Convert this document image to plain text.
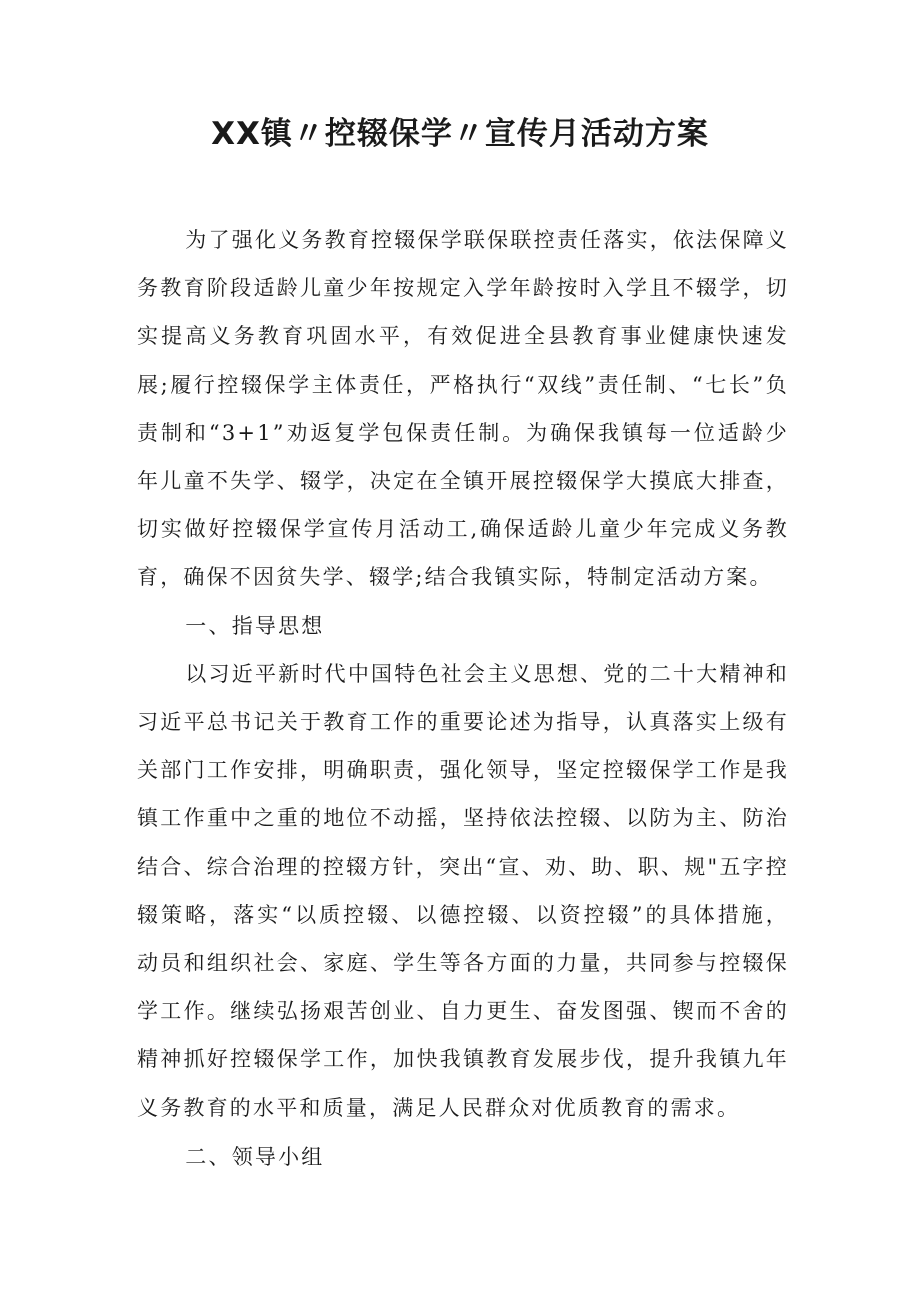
XX镇〃控辍保学〃宣传月活动方案

为了强化义务教育控辍保学联保联控责任落实，依法保障义务教育阶段适龄儿童少年按规定入学年龄按时入学且不辍学，切实提高义务教育巩固水平，有效促进全县教育事业健康快速发展;履行控辍保学主体责任，严格执行“双线”责任制、“七长”负责制和“3+1”劝返复学包保责任制。为确保我镇每一位适龄少年儿童不失学、辍学，决定在全镇开展控辍保学大摸底大排查，切实做好控辍保学宣传月活动工,确保适龄儿童少年完成义务教育，确保不因贫失学、辍学;结合我镇实际，特制定活动方案。

一、指导思想

以习近平新时代中国特色社会主义思想、党的二十大精神和习近平总书记关于教育工作的重要论述为指导，认真落实上级有关部门工作安排，明确职责，强化领导，坚定控辍保学工作是我镇工作重中之重的地位不动摇，坚持依法控辍、以防为主、防治结合、综合治理的控辍方针，突出“宣、劝、助、职、规"五字控辍策略，落实“以质控辍、以德控辍、以资控辍”的具体措施，动员和组织社会、家庭、学生等各方面的力量，共同参与控辍保学工作。继续弘扬艰苦创业、自力更生、奋发图强、锲而不舍的精神抓好控辍保学工作，加快我镇教育发展步伐，提升我镇九年义务教育的水平和质量，满足人民群众对优质教育的需求。

二、领导小组
